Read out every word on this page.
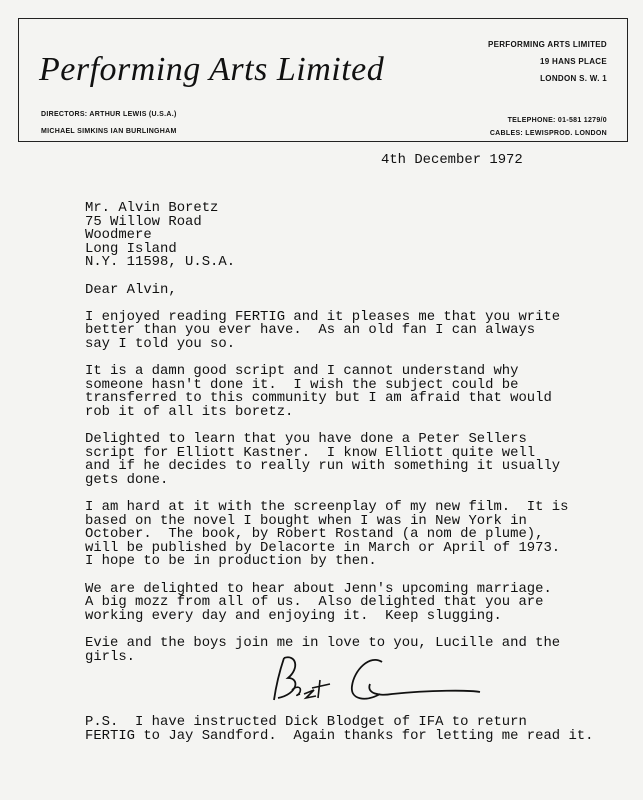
Performing Arts Limited
DIRECTORS: ARTHUR LEWIS (U.S.A.)
MICHAEL SIMKINS IAN BURLINGHAM
PERFORMING ARTS LIMITED
19 HANS PLACE
LONDON S. W. 1
TELEPHONE: 01-581 1279/0
CABLES: LEWISPROD. LONDON
4th December 1972
Mr. Alvin Boretz
75 Willow Road
Woodmere
Long Island
N.Y. 11598, U.S.A.

Dear Alvin,

I enjoyed reading FERTIG and it pleases me that you write
better than you ever have.  As an old fan I can always
say I told you so.

It is a damn good script and I cannot understand why
someone hasn't done it.  I wish the subject could be
transferred to this community but I am afraid that would
rob it of all its boretz.

Delighted to learn that you have done a Peter Sellers
script for Elliott Kastner.  I know Elliott quite well
and if he decides to really run with something it usually
gets done.

I am hard at it with the screenplay of my new film.  It is
based on the novel I bought when I was in New York in
October.  The book, by Robert Rostand (a nom de plume),
will be published by Delacorte in March or April of 1973.
I hope to be in production by then.

We are delighted to hear about Jenn's upcoming marriage.
A big mozz from all of us.  Also delighted that you are
working every day and enjoying it.  Keep slugging.

Evie and the boys join me in love to you, Lucille and the
girls.
P.S.  I have instructed Dick Blodget of IFA to return
FERTIG to Jay Sandford.  Again thanks for letting me read it.
